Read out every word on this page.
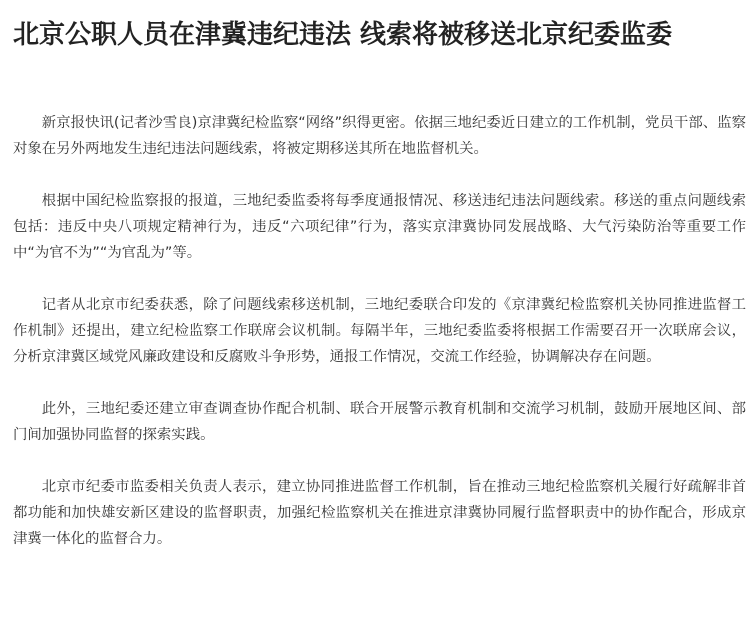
北京公职人员在津冀违纪违法 线索将被移送北京纪委监委

新京报快讯(记者沙雪良)京津冀纪检监察“网络”织得更密。依据三地纪委近日建立的工作机制，党员干部、监察对象在另外两地发生违纪违法问题线索，将被定期移送其所在地监督机关。

根据中国纪检监察报的报道，三地纪委监委将每季度通报情况、移送违纪违法问题线索。移送的重点问题线索包括：违反中央八项规定精神行为，违反“六项纪律”行为，落实京津冀协同发展战略、大气污染防治等重要工作中“为官不为”“为官乱为”等。

记者从北京市纪委获悉，除了问题线索移送机制，三地纪委联合印发的《京津冀纪检监察机关协同推进监督工作机制》还提出，建立纪检监察工作联席会议机制。每隔半年，三地纪委监委将根据工作需要召开一次联席会议，分析京津冀区域党风廉政建设和反腐败斗争形势，通报工作情况，交流工作经验，协调解决存在问题。

此外，三地纪委还建立审查调查协作配合机制、联合开展警示教育机制和交流学习机制，鼓励开展地区间、部门间加强协同监督的探索实践。

北京市纪委市监委相关负责人表示，建立协同推进监督工作机制，旨在推动三地纪检监察机关履行好疏解非首都功能和加快雄安新区建设的监督职责，加强纪检监察机关在推进京津冀协同履行监督职责中的协作配合，形成京津冀一体化的监督合力。
